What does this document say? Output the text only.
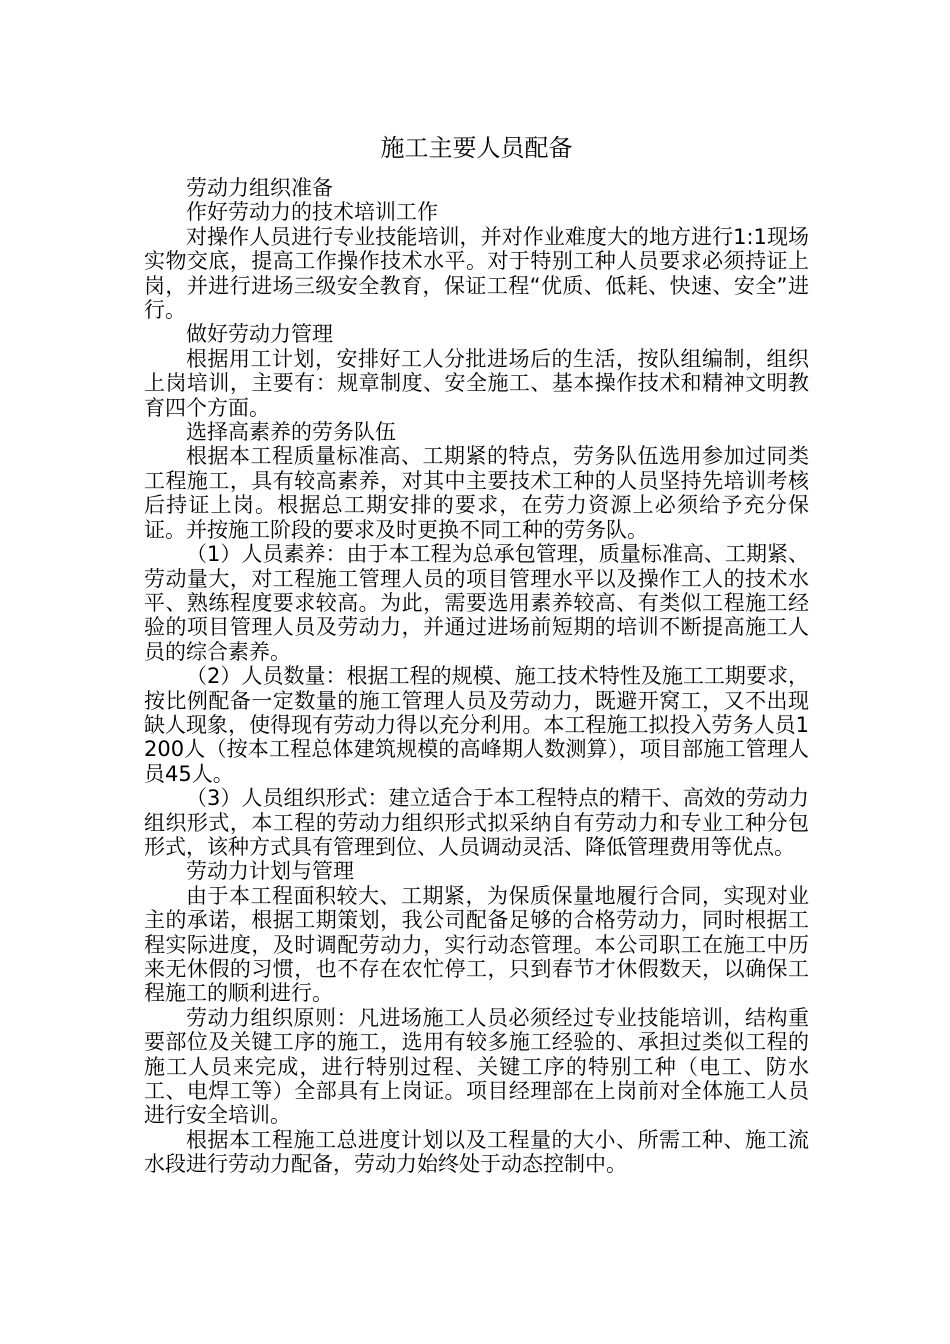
施工主要人员配备
劳动力组织准备
作好劳动力的技术培训工作

对操作人员进行专业技能培训，并对作业难度大的地方进行1:1现场实物交底，提高工作操作技术水平。对于特别工种人员要求必须持证上岗，并进行进场三级安全教育，保证工程“优质、低耗、快速、安全”进行。

做好劳动力管理

根据用工计划，安排好工人分批进场后的生活，按队组编制，组织上岗培训，主要有：规章制度、安全施工、基本操作技术和精神文明教育四个方面。

选择高素养的劳务队伍

根据本工程质量标准高、工期紧的特点，劳务队伍选用参加过同类工程施工，具有较高素养，对其中主要技术工种的人员坚持先培训考核后持证上岗。根据总工期安排的要求，在劳力资源上必须给予充分保证。并按施工阶段的要求及时更换不同工种的劳务队。

（1）人员素养：由于本工程为总承包管理，质量标准高、工期紧、劳动量大，对工程施工管理人员的项目管理水平以及操作工人的技术水平、熟练程度要求较高。为此，需要选用素养较高、有类似工程施工经验的项目管理人员及劳动力，并通过进场前短期的培训不断提高施工人员的综合素养。

（2）人员数量：根据工程的规模、施工技术特性及施工工期要求，按比例配备一定数量的施工管理人员及劳动力，既避开窝工，又不出现缺人现象，使得现有劳动力得以充分利用。本工程施工拟投入劳务人员1200人（按本工程总体建筑规模的高峰期人数测算），项目部施工管理人员45人。

（3）人员组织形式：建立适合于本工程特点的精干、高效的劳动力组织形式，本工程的劳动力组织形式拟采纳自有劳动力和专业工种分包形式，该种方式具有管理到位、人员调动灵活、降低管理费用等优点。

劳动力计划与管理

由于本工程面积较大、工期紧，为保质保量地履行合同，实现对业主的承诺，根据工期策划，我公司配备足够的合格劳动力，同时根据工程实际进度，及时调配劳动力，实行动态管理。本公司职工在施工中历来无休假的习惯，也不存在农忙停工，只到春节才休假数天，以确保工程施工的顺利进行。

劳动力组织原则：凡进场施工人员必须经过专业技能培训，结构重要部位及关键工序的施工，选用有较多施工经验的、承担过类似工程的施工人员来完成，进行特别过程、关键工序的特别工种（电工、防水工、电焊工等）全部具有上岗证。项目经理部在上岗前对全体施工人员进行安全培训。

根据本工程施工总进度计划以及工程量的大小、所需工种、施工流水段进行劳动力配备，劳动力始终处于动态控制中。
